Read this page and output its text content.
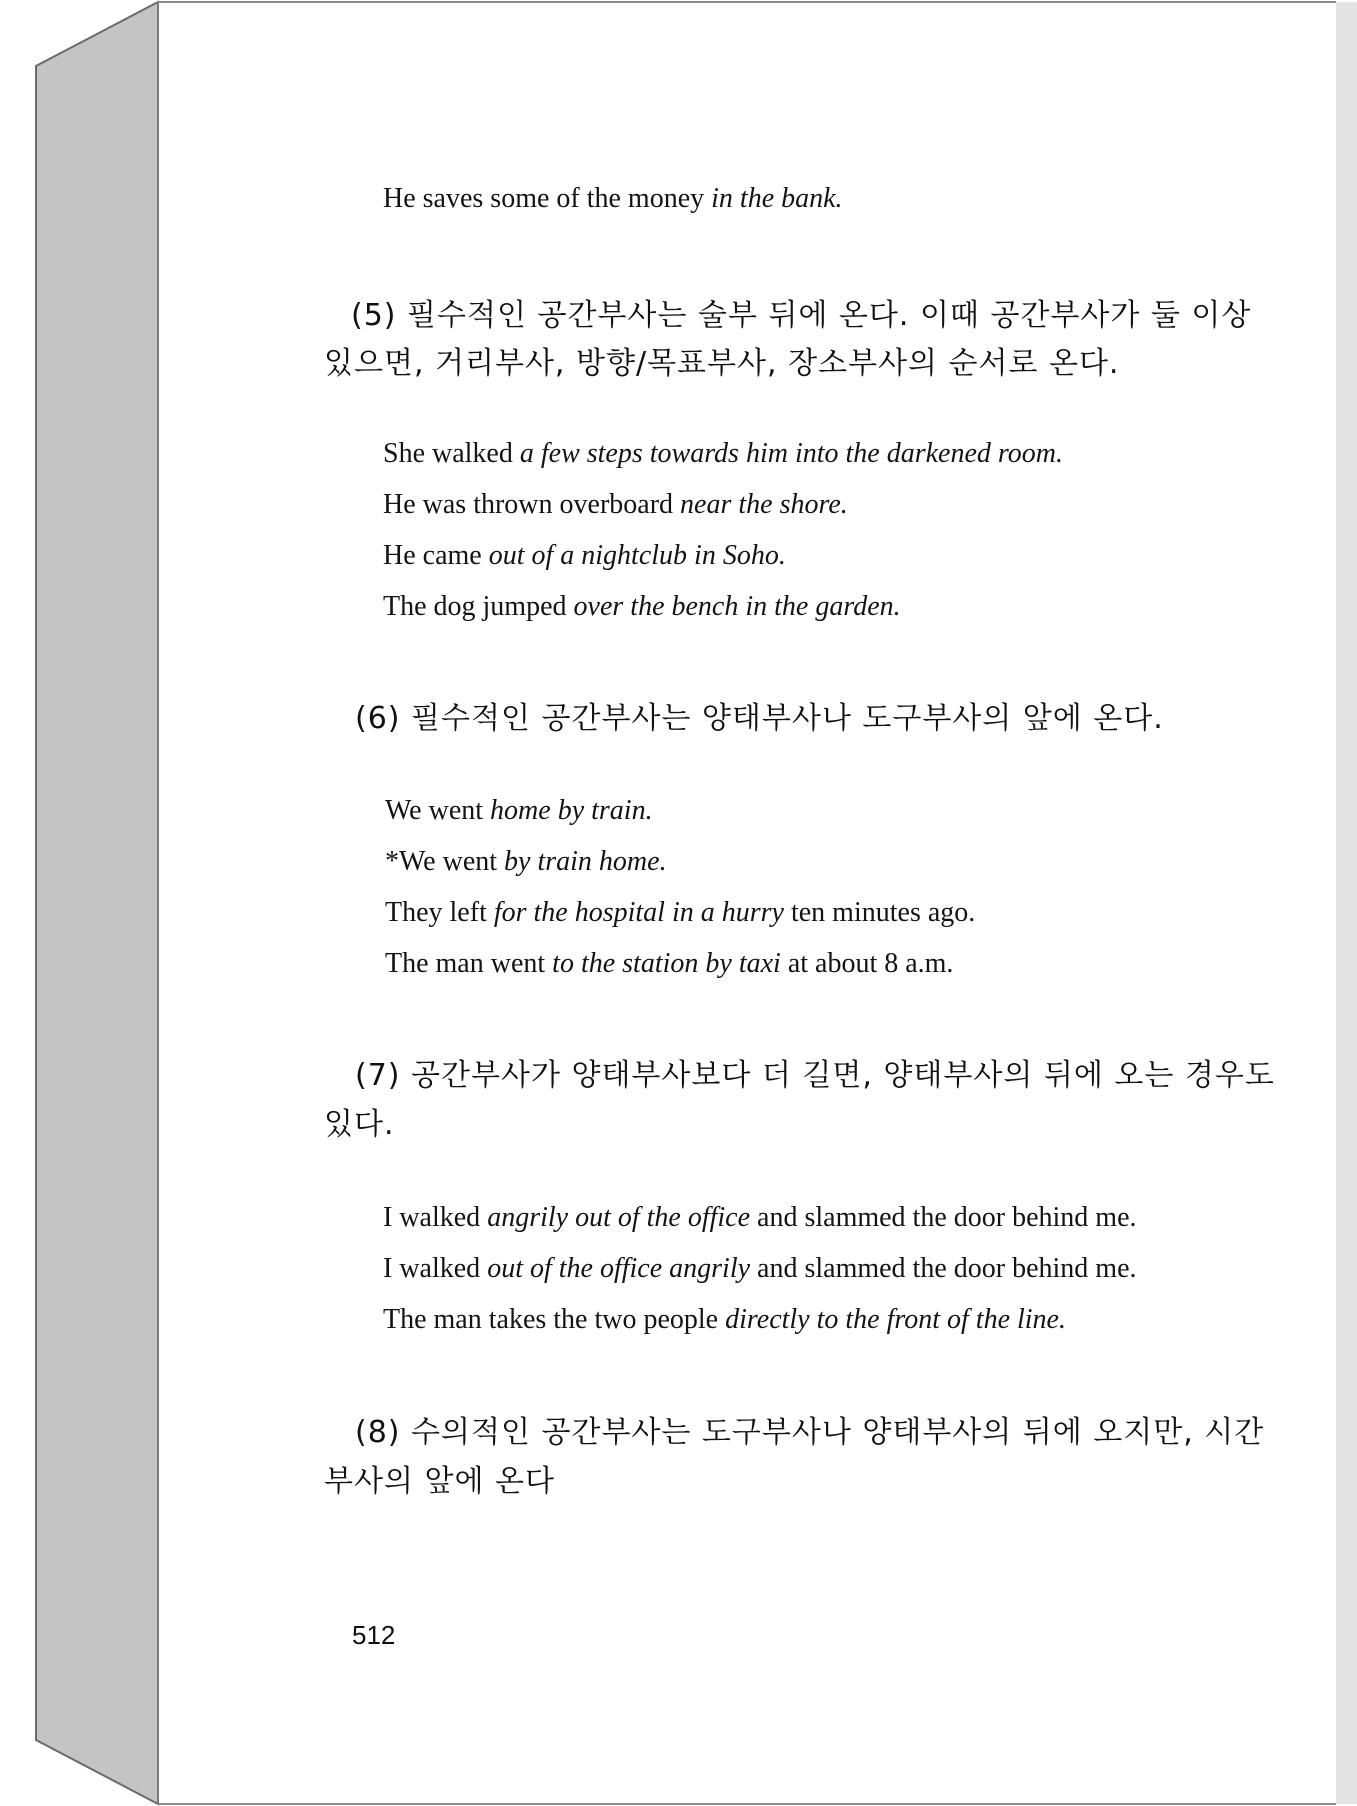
He saves some of the money in the bank.
(5) 필수적인 공간부사는 술부 뒤에 온다. 이때 공간부사가 둘 이상
있으면, 거리부사, 방향/목표부사, 장소부사의 순서로 온다.
She walked a few steps towards him into the darkened room.
He was thrown overboard near the shore.
He came out of a nightclub in Soho.
The dog jumped over the bench in the garden.
(6) 필수적인 공간부사는 양태부사나 도구부사의 앞에 온다.
We went home by train.
*We went by train home.
They left for the hospital in a hurry ten minutes ago.
The man went to the station by taxi at about 8 a.m.
(7) 공간부사가 양태부사보다 더 길면, 양태부사의 뒤에 오는 경우도
있다.
I walked angrily out of the office and slammed the door behind me.
I walked out of the office angrily and slammed the door behind me.
The man takes the two people directly to the front of the line.
(8) 수의적인 공간부사는 도구부사나 양태부사의 뒤에 오지만, 시간
부사의 앞에 온다
512
